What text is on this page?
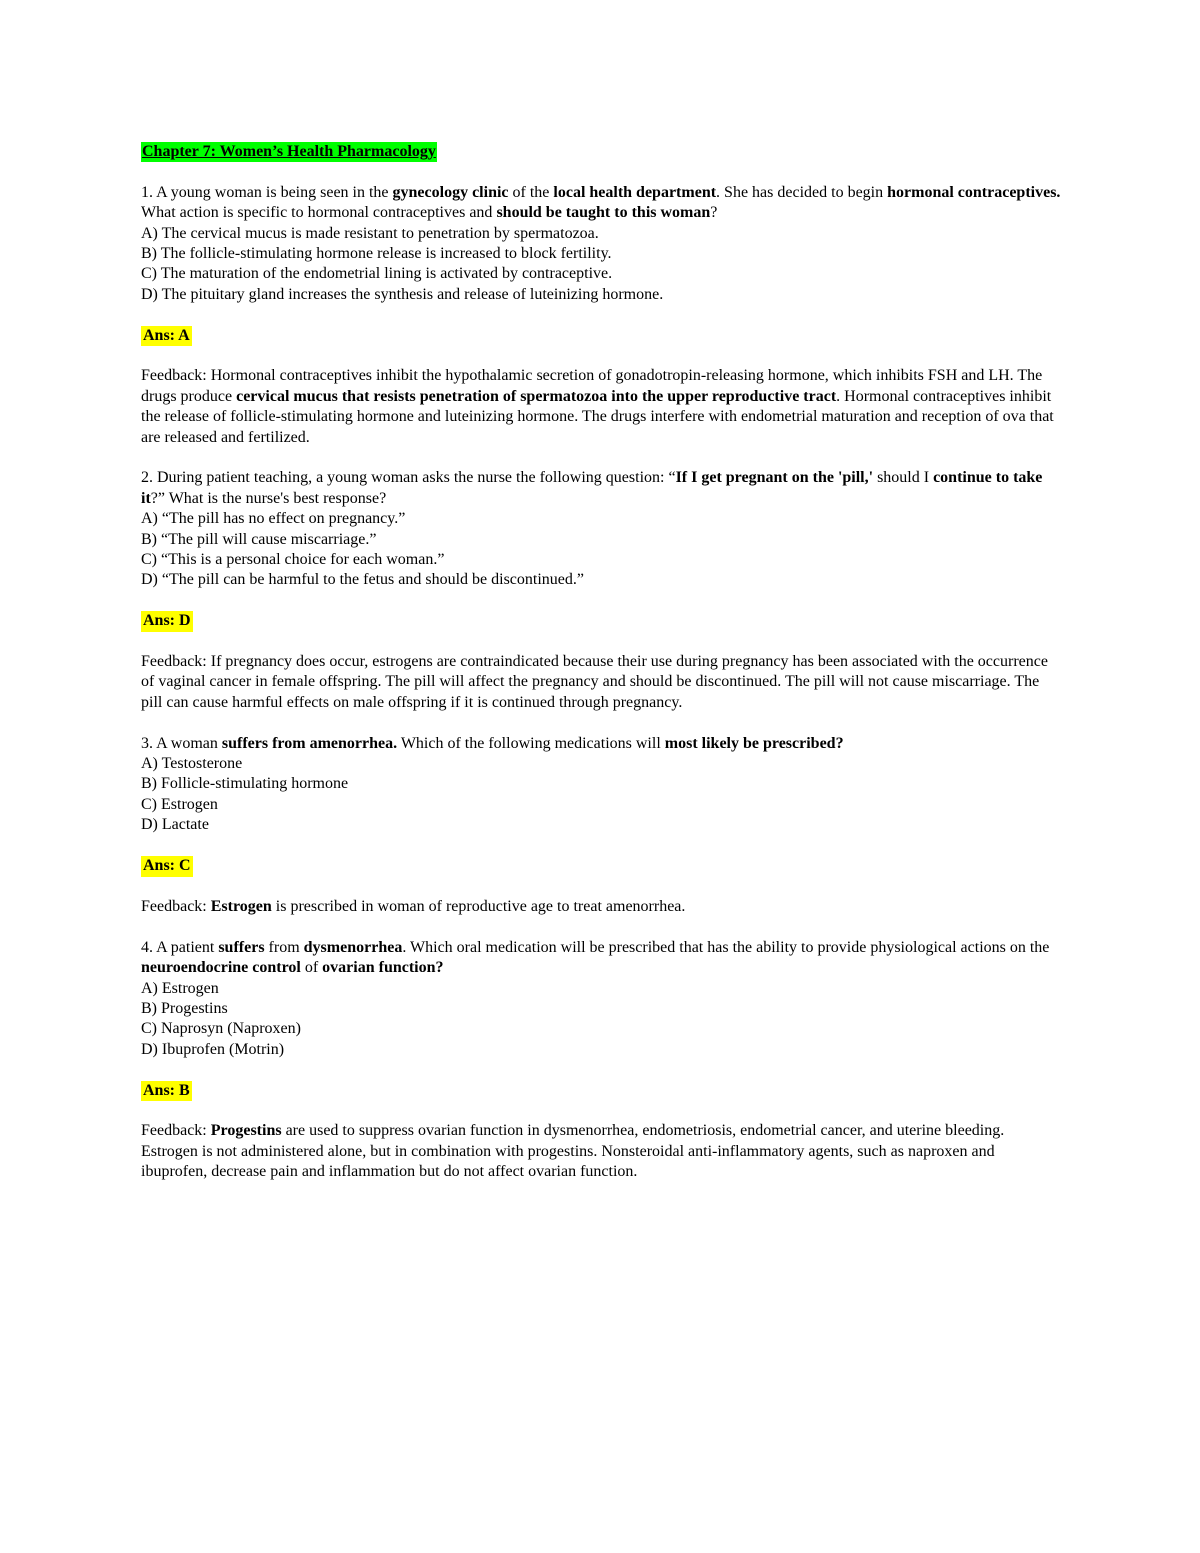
Chapter 7: Women’s Health Pharmacology

1. A young woman is being seen in the gynecology clinic of the local health department. She has decided to begin hormonal contraceptives. What action is specific to hormonal contraceptives and should be taught to this woman?

A) The cervical mucus is made resistant to penetration by spermatozoa.

B) The follicle-stimulating hormone release is increased to block fertility.

C) The maturation of the endometrial lining is activated by contraceptive.

D) The pituitary gland increases the synthesis and release of luteinizing hormone.

Ans: A

Feedback: Hormonal contraceptives inhibit the hypothalamic secretion of gonadotropin-releasing hormone, which inhibits FSH and LH. The drugs produce cervical mucus that resists penetration of spermatozoa into the upper reproductive tract. Hormonal contraceptives inhibit the release of follicle-stimulating hormone and luteinizing hormone. The drugs interfere with endometrial maturation and reception of ova that are released and fertilized.

2. During patient teaching, a young woman asks the nurse the following question: “If I get pregnant on the 'pill,' should I continue to take it?” What is the nurse's best response?

A) “The pill has no effect on pregnancy.”

B) “The pill will cause miscarriage.”

C) “This is a personal choice for each woman.”

D) “The pill can be harmful to the fetus and should be discontinued.”

Ans: D

Feedback: If pregnancy does occur, estrogens are contraindicated because their use during pregnancy has been associated with the occurrence of vaginal cancer in female offspring. The pill will affect the pregnancy and should be discontinued. The pill will not cause miscarriage. The pill can cause harmful effects on male offspring if it is continued through pregnancy.

3. A woman suffers from amenorrhea. Which of the following medications will most likely be prescribed?

A) Testosterone

B) Follicle-stimulating hormone

C) Estrogen

D) Lactate

Ans: C

Feedback: Estrogen is prescribed in woman of reproductive age to treat amenorrhea.

4. A patient suffers from dysmenorrhea. Which oral medication will be prescribed that has the ability to provide physiological actions on the neuroendocrine control of ovarian function?

A) Estrogen

B) Progestins

C) Naprosyn (Naproxen)

D) Ibuprofen (Motrin)

Ans: B

Feedback: Progestins are used to suppress ovarian function in dysmenorrhea, endometriosis, endometrial cancer, and uterine bleeding. Estrogen is not administered alone, but in combination with progestins. Nonsteroidal anti-inflammatory agents, such as naproxen and ibuprofen, decrease pain and inflammation but do not affect ovarian function.
